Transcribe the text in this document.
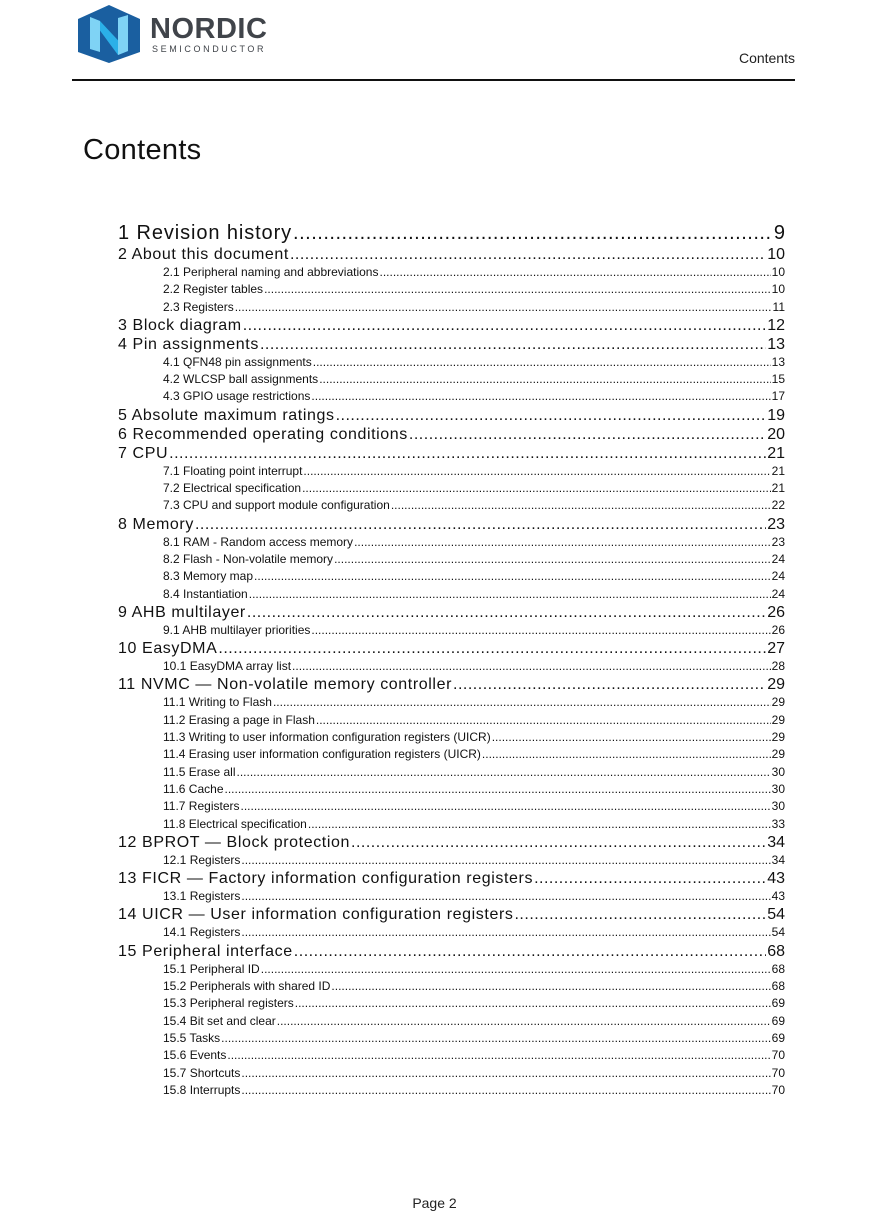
NORDIC
SEMICONDUCTOR
Contents
Contents
1 Revision history .....	9
2 About this document .....	10
2.1 Peripheral naming and abbreviations .....	10
2.2 Register tables .....	10
2.3 Registers .....	11
3 Block diagram .....	12
4 Pin assignments .....	13
4.1 QFN48 pin assignments .....	13
4.2 WLCSP ball assignments .....	15
4.3 GPIO usage restrictions .....	17
5 Absolute maximum ratings .....	19
6 Recommended operating conditions .....	20
7 CPU .....	21
7.1 Floating point interrupt .....	21
7.2 Electrical specification .....	21
7.3 CPU and support module configuration .....	22
8 Memory .....	23
8.1 RAM - Random access memory .....	23
8.2 Flash - Non-volatile memory .....	24
8.3 Memory map .....	24
8.4 Instantiation .....	24
9 AHB multilayer .....	26
9.1 AHB multilayer priorities .....	26
10 EasyDMA .....	27
10.1 EasyDMA array list .....	28
11 NVMC — Non-volatile memory controller .....	29
11.1 Writing to Flash .....	29
11.2 Erasing a page in Flash .....	29
11.3 Writing to user information configuration registers (UICR) .....	29
11.4 Erasing user information configuration registers (UICR) .....	29
11.5 Erase all .....	30
11.6 Cache .....	30
11.7 Registers .....	30
11.8 Electrical specification .....	33
12 BPROT — Block protection .....	34
12.1 Registers .....	34
13 FICR — Factory information configuration registers .....	43
13.1 Registers .....	43
14 UICR — User information configuration registers .....	54
14.1 Registers .....	54
15 Peripheral interface .....	68
15.1 Peripheral ID .....	68
15.2 Peripherals with shared ID .....	68
15.3 Peripheral registers .....	69
15.4 Bit set and clear .....	69
15.5 Tasks .....	69
15.6 Events .....	70
15.7 Shortcuts .....	70
15.8 Interrupts .....	70
Page 2
